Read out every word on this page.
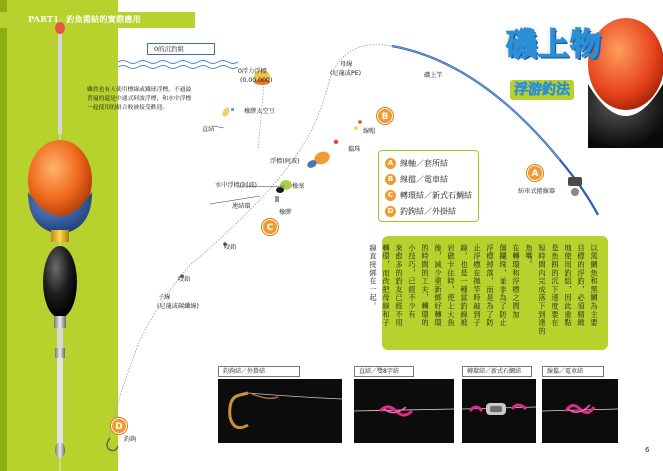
PART1 釣魚需結的實際應用
雖然也有人使用標線或鐵球浮標，不過最普遍的還是中通式阿波浮標，和水中浮標一起使用的組合較被接受歡迎。
0的沉釣組
0浮力浮標
(0.00.000)
橡膠太空豆
直結
浮標(阿波)
擋珠
線帽
水中浮標(阿波)	橡塞
連結環
橡膠
母線
(尼龍或PE)	磯上竿
紡車式捲線器
咬鉛
咬鉛
子線
(尼龍或碳纖線)
釣鉤
A
B
C
D
A 線軸／套所結
B 線擋／電車結
C 轉環結／新式石鯛結
D 釣鉤結／外掛結
磯上物
浮游釣法
以黑鯛魚和黑鯛為主要
目標的浮釣，必須精緻
地使用釣組，因此重點
是魚餌的沉下速度要在
短時間內完成落下到達的
魚嘴。
在轉環和浮標之間加
個攔珠，並非為了防止
浮標掉落，而是為了防
止浮標在拋竿時敲到子
線，也是一種當釣線被
岩礁卡住時，使上大魚
後，減少重新綁好轉環
的時間的工夫，轉環的
小技巧，已經不少有
來愈多的釣友已經不用
轉環，而改把母線和子
線直接綁在一起。
釣鉤結／外掛結	直結／雙8字結	轉環結／新式石鯛結	線擋／電車結
6
